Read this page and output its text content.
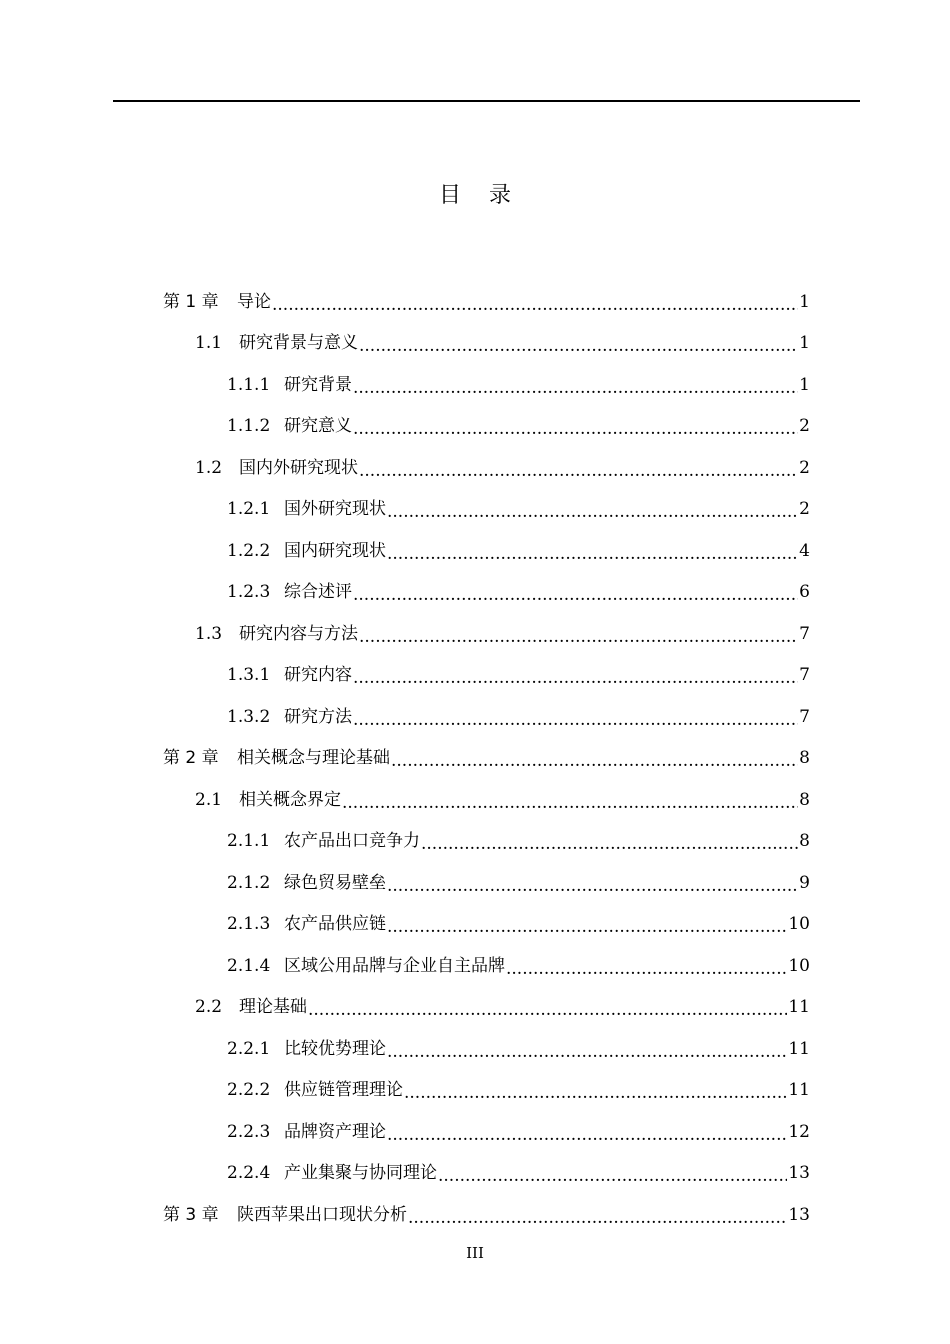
目    录
第 1 章	导论 .....	1
1.1 研究背景与意义 .....	1
1.1.1 研究背景 .....	1
1.1.2 研究意义 .....	2
1.2 国内外研究现状 .....	2
1.2.1 国外研究现状 .....	2
1.2.2 国内研究现状 .....	4
1.2.3 综合述评 .....	6
1.3 研究内容与方法 .....	7
1.3.1 研究内容 .....	7
1.3.2 研究方法 .....	7
第 2 章	相关概念与理论基础 .....	8
2.1 相关概念界定 .....	8
2.1.1 农产品出口竞争力 .....	8
2.1.2 绿色贸易壁垒 .....	9
2.1.3 农产品供应链 .....	10
2.1.4 区域公用品牌与企业自主品牌 .....	10
2.2 理论基础 .....	11
2.2.1 比较优势理论 .....	11
2.2.2 供应链管理理论 .....	11
2.2.3 品牌资产理论 .....	12
2.2.4 产业集聚与协同理论 .....	13
第 3 章	陕西苹果出口现状分析 .....	13
III
